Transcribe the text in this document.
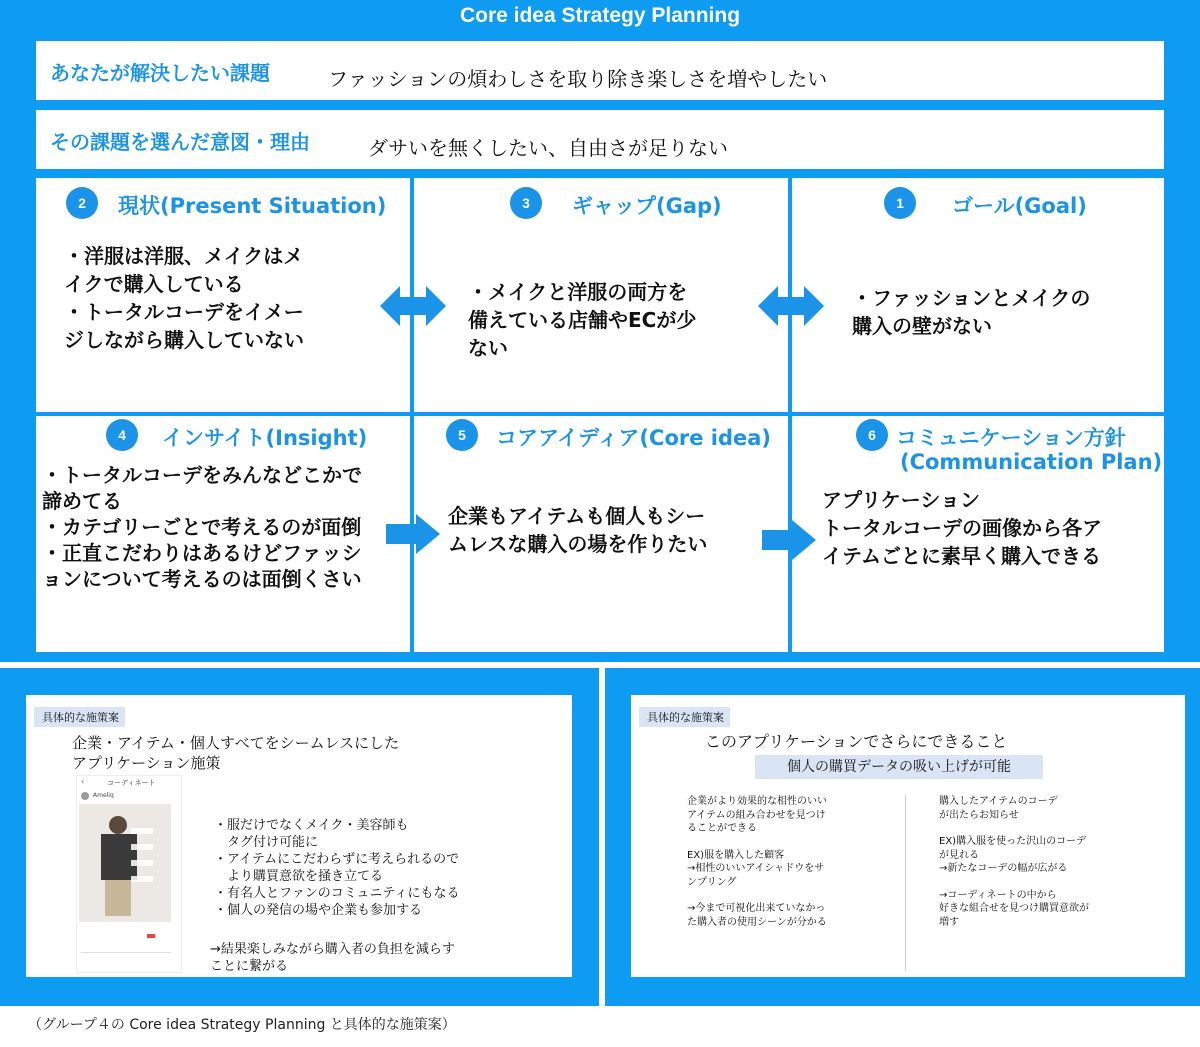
Core idea Strategy Planning
あなたが解決したい課題	ファッションの煩わしさを取り除き楽しさを増やしたい
その課題を選んだ意図・理由	ダサいを無くしたい、自由さが足りない
2	現状(Present Situation)
・洋服は洋服、メイクはメ
イクで購入している
・トータルコーデをイメー
ジしながら購入していない
3	ギャップ(Gap)
・メイクと洋服の両方を
備えている店舗やECが少
ない
1	ゴール(Goal)
・ファッションとメイクの
購入の壁がない
4	インサイト(Insight)
・トータルコーデをみんなどこかで
諦めてる
・カテゴリーごとで考えるのが面倒
・正直こだわりはあるけどファッシ
ョンについて考えるのは面倒くさい
5	コアアイディア(Core idea)
企業もアイテムも個人もシー
ムレスな購入の場を作りたい
6 コミュニケーション方針
(Communication Plan)
アプリケーション
トータルコーデの画像から各ア
イテムごとに素早く購入できる
具体的な施策案
企業・アイテム・個人すべてをシームレスにした
アプリケーション施策
‹	コーディネート
Ameliq
・服だけでなくメイク・美容師も
　タグ付け可能に
・アイテムにこだわらずに考えられるので
　より購買意欲を掻き立てる
・有名人とファンのコミュニティにもなる
・個人の発信の場や企業も参加する
→結果楽しみながら購入者の負担を減らす
ことに繋がる
具体的な施策案
このアプリケーションでさらにできること
個人の購買データの吸い上げが可能
企業がより効果的な相性のいい
アイテムの組み合わせを見つけ
ることができる
EX)服を購入した顧客
→相性のいいアイシャドウをサ
ンプリング
→今まで可視化出来ていなかっ
た購入者の使用シーンが分かる
購入したアイテムのコーデ
が出たらお知らせ
EX)購入服を使った沢山のコーデ
が見れる
→新たなコーデの幅が広がる
→コーディネートの中から
好きな組合せを見つけ購買意欲が
増す
（グループ４の Core idea Strategy Planning と具体的な施策案）
